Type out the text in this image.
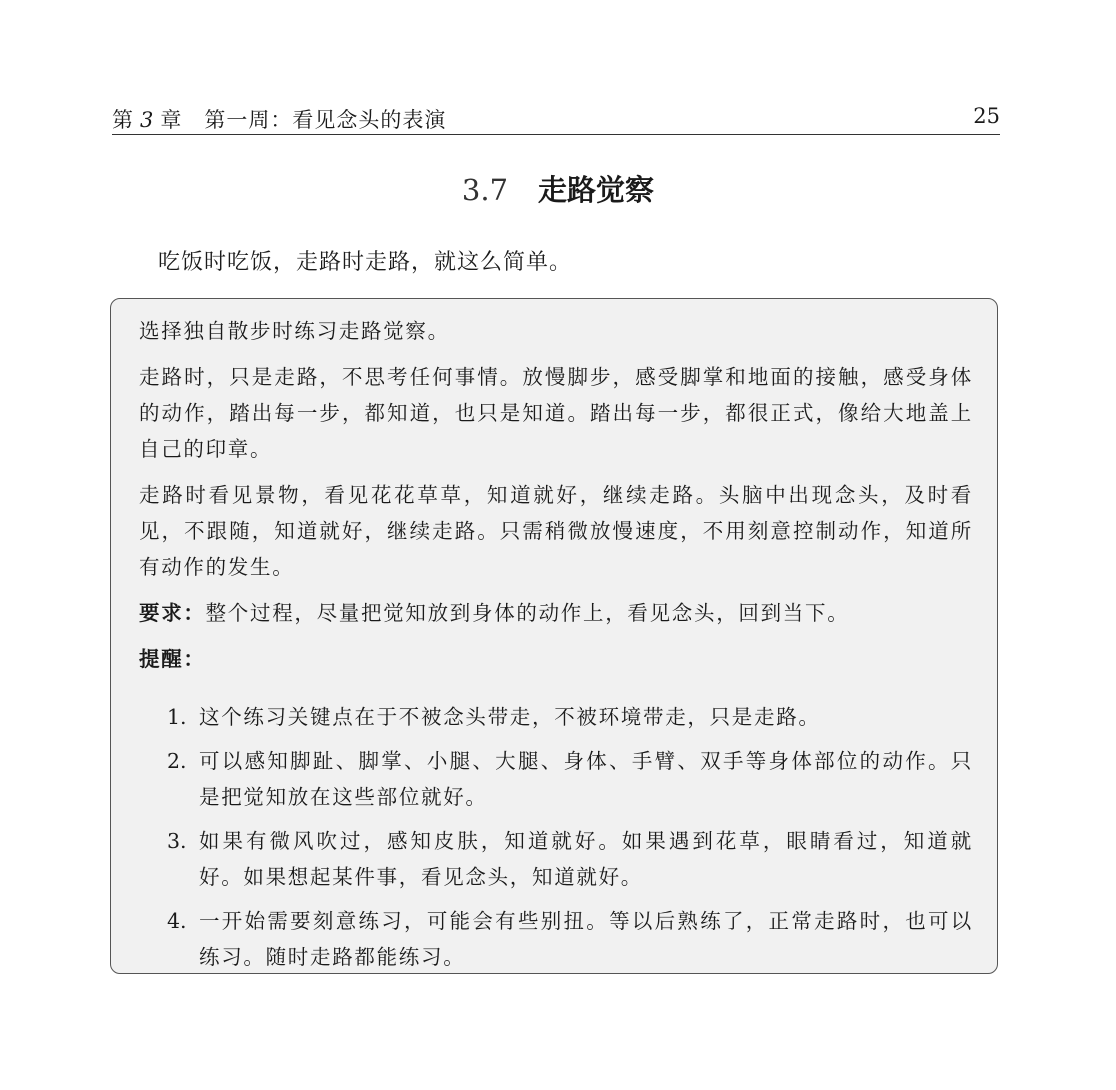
第 3 章 第一周：看见念头的表演	25
3.7 走路觉察
吃饭时吃饭，走路时走路，就这么简单。

选择独自散步时练习走路觉察。

走路时，只是走路，不思考任何事情。放慢脚步，感受脚掌和地面的接触，感受身体的动作，踏出每一步，都知道，也只是知道。踏出每一步，都很正式，像给大地盖上自己的印章。

走路时看见景物，看见花花草草，知道就好，继续走路。头脑中出现念头，及时看见，不跟随，知道就好，继续走路。只需稍微放慢速度，不用刻意控制动作，知道所有动作的发生。

要求：整个过程，尽量把觉知放到身体的动作上，看见念头，回到当下。

提醒：

1. 这个练习关键点在于不被念头带走，不被环境带走，只是走路。
2. 可以感知脚趾、脚掌、小腿、大腿、身体、手臂、双手等身体部位的动作。只是把觉知放在这些部位就好。
3. 如果有微风吹过，感知皮肤，知道就好。如果遇到花草，眼睛看过，知道就好。如果想起某件事，看见念头，知道就好。
4. 一开始需要刻意练习，可能会有些别扭。等以后熟练了，正常走路时，也可以练习。随时走路都能练习。
